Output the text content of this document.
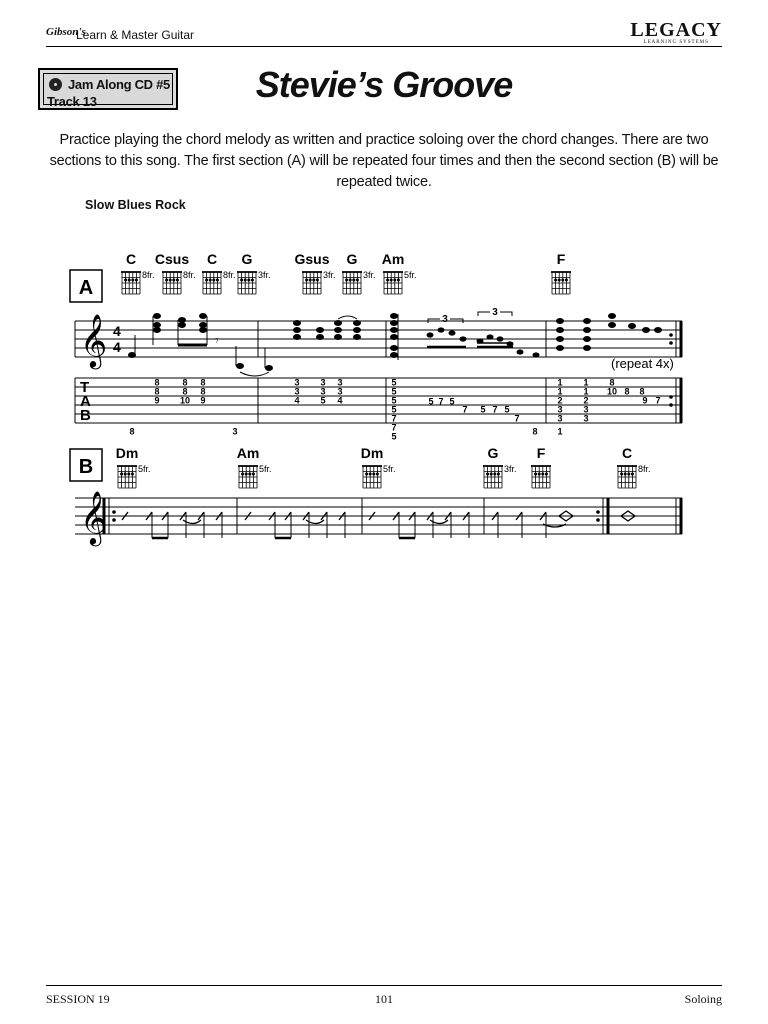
Gibson's
Learn & Master Guitar	LEGACY
LEARNING SYSTEMS
Jam Along CD #5
Track 13	Stevie’s Groove
Practice playing the chord melody as written and practice soloing over the chord changes. There are two sections to this song. The first section (A) will be repeated four times and then the second section (B) will be repeated twice.
Slow Blues Rock
A
C
8fr.
Csus
8fr.
C
8fr.
G
3fr.
Gsus
3fr.
G
3fr.
Am
5fr.
F
𝄞 4
4	𝄾
3
3
(repeat 4x)
T
A
B
8
8
9
8
8
10
8
8
9
8
3
3
4
3
3
5
3
3
4
3
5
5
5
5
7
7
5
5 7 5
7 5 7 5
7
8
1
1
2
3
3
1
1
1
2
3
3
8
10 8 8
9 7
B
Dm
5fr.
Am
5fr.
Dm
5fr.
G
3fr.
F	C
8fr.
𝄞
SESSION 19	101	Soloing
